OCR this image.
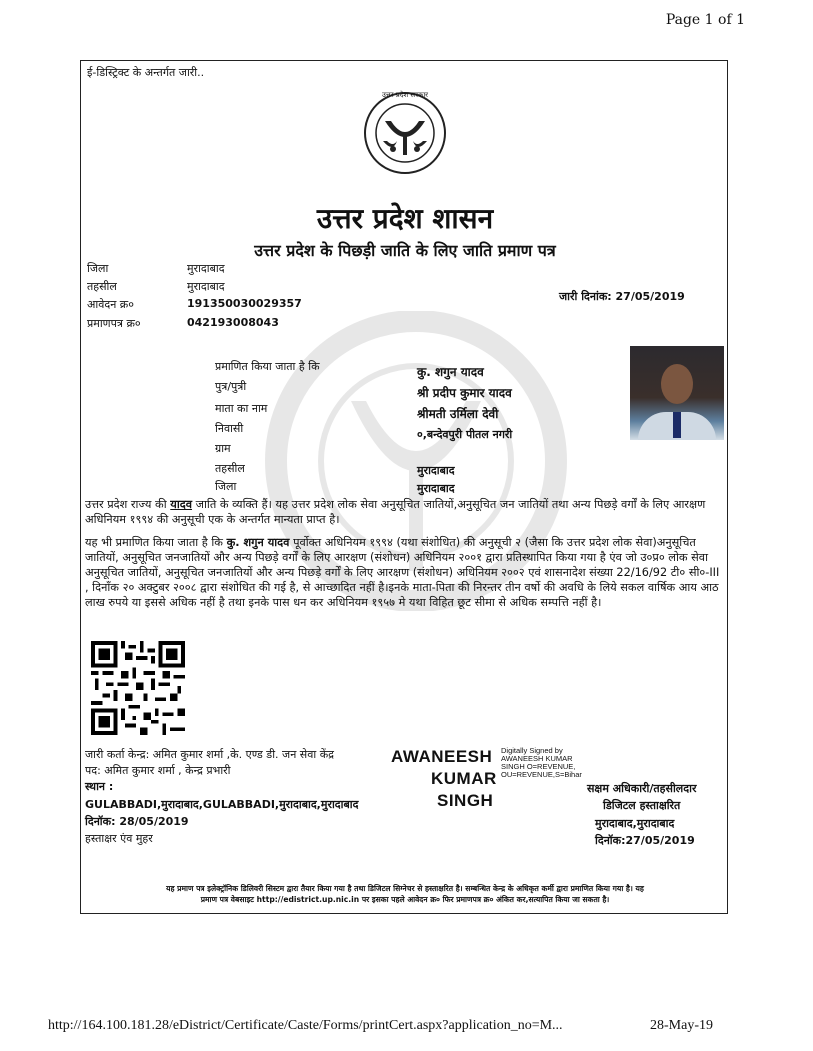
Page 1 of 1
ई-डिस्ट्रिक्ट के अन्तर्गत जारी..
उत्तर प्रदेश सरकार
उत्तर प्रदेश शासन
उत्तर प्रदेश के पिछड़ी जाति के लिए जाति प्रमाण पत्र
जिला	मुरादाबाद
तहसील	मुरादाबाद
आवेदन क्र०	191350030029357
प्रमाणपत्र क्र०	042193008043
जारी दिनांक: 27/05/2019
प्रमाणित किया जाता है कि	कु. शगुन यादव
पुत्र/पुत्री	श्री प्रदीप कुमार यादव
माता का नाम	श्रीमती उर्मिला देवी
निवासी	०,बन्देवपुरी पीतल नगरी
ग्राम
तहसील	मुरादाबाद
जिला	मुरादाबाद
उत्तर प्रदेश राज्य की यादव जाति के व्यक्ति हैं। यह उत्तर प्रदेश लोक सेवा अनुसूचित जातियों,अनुसूचित जन जातियों तथा अन्य पिछड़े वर्गों के लिए आरक्षण अधिनियम १९९४ की अनुसूची एक के अन्तर्गत मान्यता प्राप्त है।
यह भी प्रमाणित किया जाता है कि कु. शगुन यादव पूर्वोक्त अधिनियम १९९४ (यथा संशोधित) की अनुसूची २ (जैसा कि उत्तर प्रदेश लोक सेवा)अनुसूचित जातियों, अनुसूचित जनजातियों और अन्य पिछड़े वर्गों के लिए आरक्षण (संशोधन) अधिनियम २००१ द्वारा प्रतिस्थापित किया गया है एंव जो उ०प्र० लोक सेवा अनुसूचित जातियों, अनुसूचित जनजातियों और अन्य पिछड़े वर्गों के लिए आरक्षण (संशोधन) अधिनियम २००२ एवं शासनादेश संख्या 22/16/92 टी० सी०-III , दिनाँक २० अक्टुबर २००८ द्वारा संशोधित की गई है, से आच्छादित नहीं है।इनके माता-पिता की निरन्तर तीन वर्षो की अवधि के लिये सकल वार्षिक आय आठ लाख रुपये या इससे अधिक नहीं है तथा इनके पास धन कर अधिनियम १९५७ मे यथा विहित छूट सीमा से अधिक सम्पत्ति नहीं है।
जारी कर्ता केन्द्र: अमित कुमार शर्मा ,के. एण्ड डी. जन सेवा केंद्र
पद: अमित कुमार शर्मा , केन्द्र प्रभारी
स्थान :
GULABBADI,मुरादाबाद,GULABBADI,मुरादाबाद,मुरादाबाद
दिनॉक: 28/05/2019
हस्ताक्षर एंव मुहर
AWANEESH
KUMAR
SINGH
Digitally Signed by
AWANEESH KUMAR
SINGH O=REVENUE,
OU=REVENUE,S=Bihar
सक्षम अधिकारी/तहसीलदार
डिजिटल हस्ताक्षरित
मुरादाबाद,मुरादाबाद
दिनॉक:27/05/2019
यह प्रमाण पत्र इलेक्ट्रॉनिक डिलिवरी सिस्टम द्वारा तैयार किया गया है तथा डिजिटल सिग्नेचर से हस्ताक्षरित है। सम्बन्धित केन्द्र के अधिकृत कर्मी द्वारा प्रमाणित किया गया है। यह
प्रमाण पत्र वेबसाइट http://edistrict.up.nic.in पर इसका पहले आवेदन क्र० फिर प्रमाणपत्र क्र० अंकित कर,सत्यापित किया जा सकता है।
http://164.100.181.28/eDistrict/Certificate/Caste/Forms/printCert.aspx?application_no=M...	28-May-19
